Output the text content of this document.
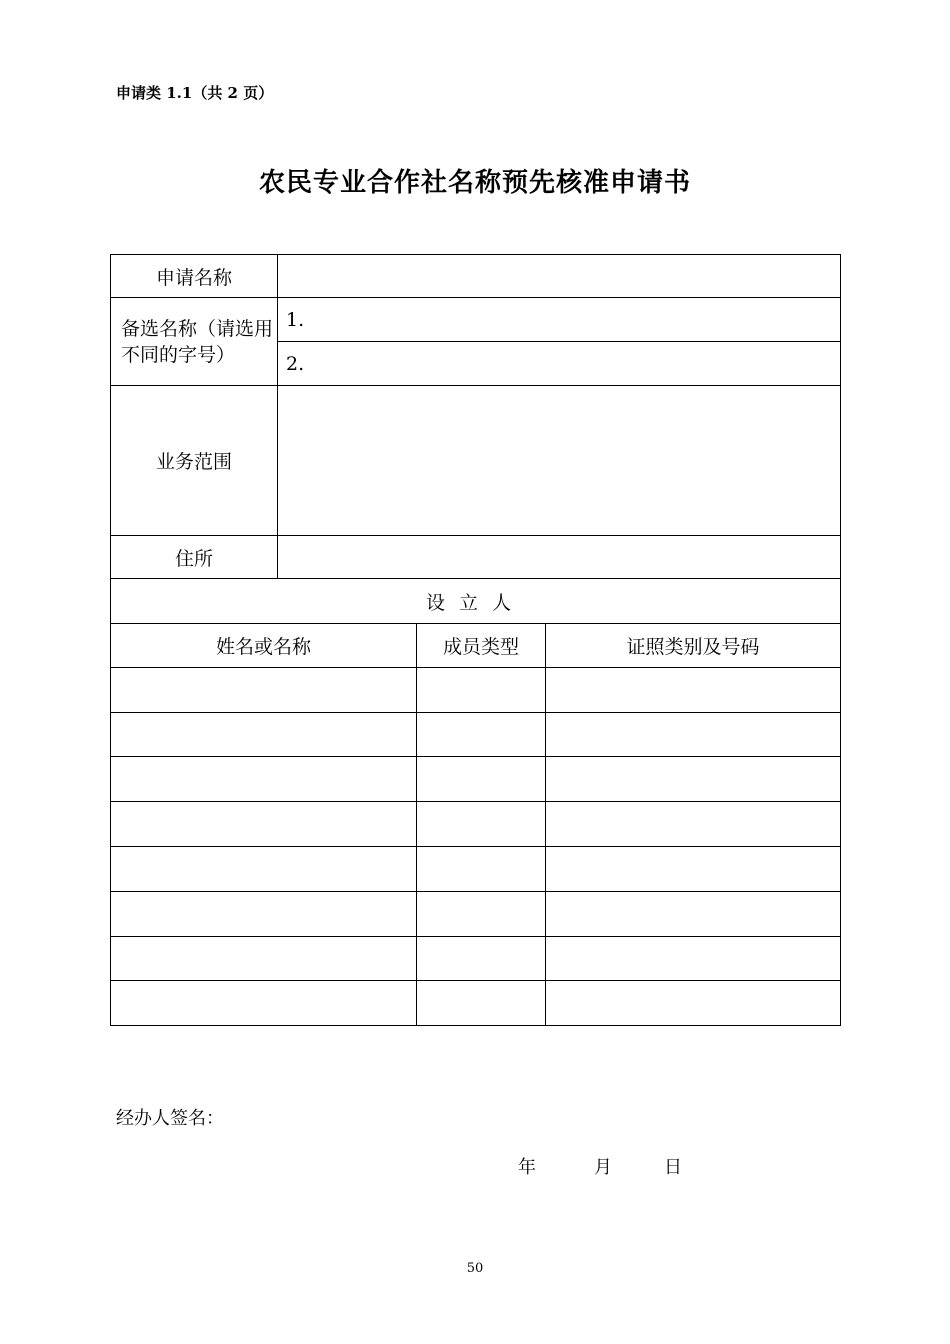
申请类 1.1（共 2 页）
农民专业合作社名称预先核准申请书
申请名称			
备选名称（请选用不同的字号）	1.		
	2.		
业务范围			
住所			
设立人			
姓名或名称		成员类型	证照类别及号码

经办人签名：
年	月	日
50
